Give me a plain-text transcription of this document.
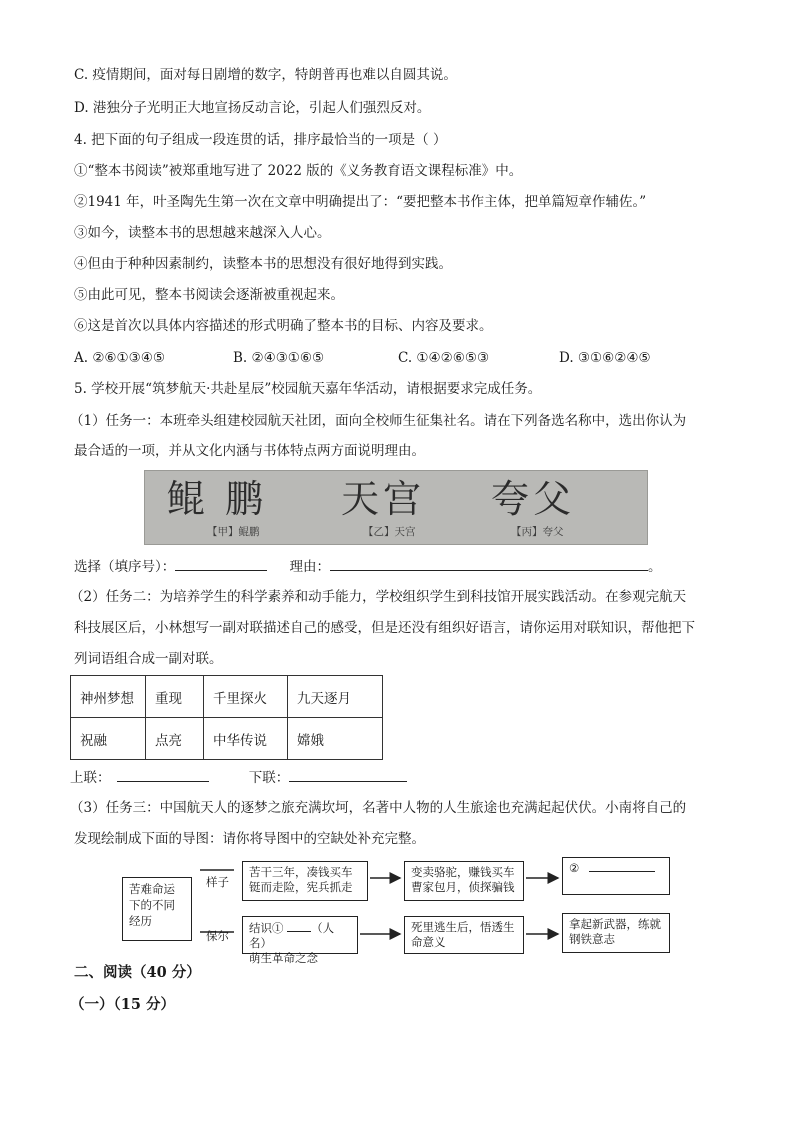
C. 疫情期间，面对每日剧增的数字，特朗普再也难以自圆其说。
D. 港独分子光明正大地宣扬反动言论，引起人们强烈反对。
4. 把下面的句子组成一段连贯的话，排序最恰当的一项是（ ）
①“整本书阅读”被郑重地写进了 2022 版的《义务教育语文课程标准》中。
②1941 年，叶圣陶先生第一次在文章中明确提出了：“要把整本书作主体，把单篇短章作辅佐。”
③如今，读整本书的思想越来越深入人心。
④但由于种种因素制约，读整本书的思想没有很好地得到实践。
⑤由此可见，整本书阅读会逐渐被重视起来。
⑥这是首次以具体内容描述的形式明确了整本书的目标、内容及要求。
A. ②⑥①③④⑤	B. ②④③①⑥⑤	C. ①④②⑥⑤③	D. ③①⑥②④⑤
5. 学校开展“筑梦航天·共赴星辰”校园航天嘉年华活动，请根据要求完成任务。
（1）任务一：本班牵头组建校园航天社团，面向全校师生征集社名。请在下列备选名称中，选出你认为
最合适的一项，并从文化内涵与书体特点两方面说明理由。
鲲 鹏 天宫 夸父
【甲】鲲鹏	【乙】天宫	【丙】夸父
选择（填序号）：	理由：	。
（2）任务二：为培养学生的科学素养和动手能力，学校组织学生到科技馆开展实践活动。在参观完航天
科技展区后，小林想写一副对联描述自己的感受，但是还没有组织好语言，请你运用对联知识，帮他把下
列词语组合成一副对联。
神州梦想	重现	千里探火	九天逐月
祝融	点亮	中华传说	嫦娥
上联：	下联：
（3）任务三：中国航天人的逐梦之旅充满坎坷，名著中人物的人生旅途也充满起起伏伏。小南将自己的
发现绘制成下面的导图：请你将导图中的空缺处补充完整。
苦难命运下的不同经历
样子
保尔
苦干三年，凑钱买车 铤而走险，宪兵抓走
变卖骆驼，赚钱买车 曹家包月，侦探骗钱
②
结识① （人名）
萌生革命之念
死里逃生后，悟透生命意义
拿起新武器，练就钢铁意志
二、阅读（40 分）
（一）（15 分）
